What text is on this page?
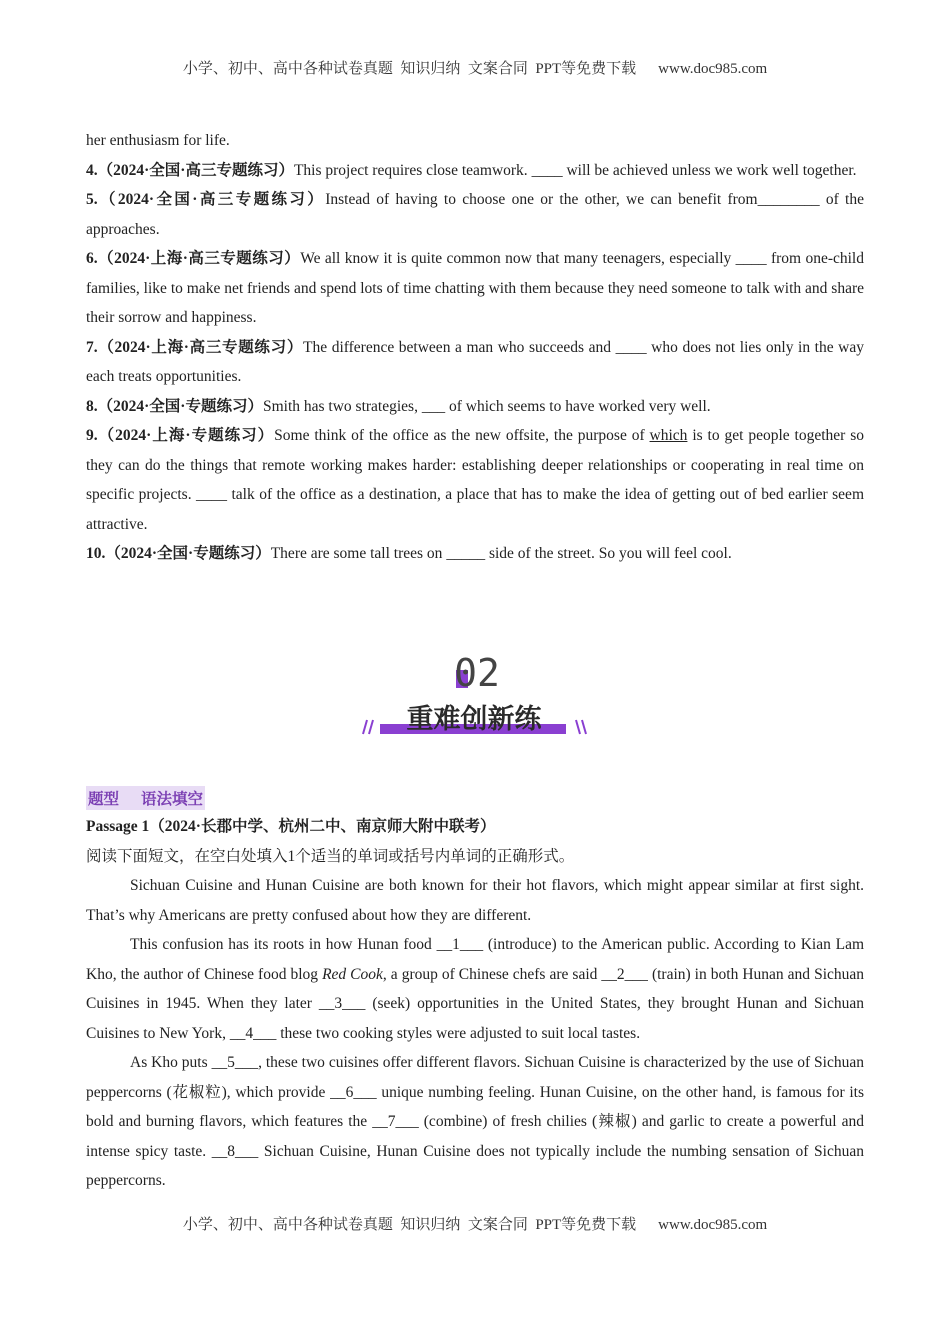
小学、初中、高中各种试卷真题  知识归纳  文案合同  PPT等免费下载 www.doc985.com

her enthusiasm for life.

4.（2024·全国·高三专题练习）This project requires close teamwork. ____ will be achieved unless we work well together.

5.（2024·全国·高三专题练习）Instead of having to choose one or the other, we can benefit from________ of the approaches.

6.（2024·上海·高三专题练习）We all know it is quite common now that many teenagers, especially ____ from one-child families, like to make net friends and spend lots of time chatting with them because they need someone to talk with and share their sorrow and happiness.

7.（2024·上海·高三专题练习）The difference between a man who succeeds and ____ who does not lies only in the way each treats opportunities.

8.（2024·全国·专题练习）Smith has two strategies, ___ of which seems to have worked very well.

9.（2024·上海·专题练习）Some think of the office as the new offsite, the purpose of which is to get people together so they can do the things that remote working makes harder: establishing deeper relationships or cooperating in real time on specific projects. ____ talk of the office as a destination, a place that has to make the idea of getting out of bed earlier seem attractive.

10.（2024·全国·专题练习）There are some tall trees on _____ side of the street. So you will feel cool.

02
重难创新练
题型 语法填空

Passage 1（2024·长郡中学、杭州二中、南京师大附中联考）

阅读下面短文，在空白处填入1个适当的单词或括号内单词的正确形式。

Sichuan Cuisine and Hunan Cuisine are both known for their hot flavors, which might appear similar at first sight. That’s why Americans are pretty confused about how they are different.

This confusion has its roots in how Hunan food __1___ (introduce) to the American public. According to Kian Lam Kho, the author of Chinese food blog Red Cook, a group of Chinese chefs are said __2___ (train) in both Hunan and Sichuan Cuisines in 1945. When they later __3___ (seek) opportunities in the United States, they brought Hunan and Sichuan Cuisines to New York, __4___ these two cooking styles were adjusted to suit local tastes.

As Kho puts __5___, these two cuisines offer different flavors. Sichuan Cuisine is characterized by the use of Sichuan peppercorns (花椒粒), which provide __6___ unique numbing feeling. Hunan Cuisine, on the other hand, is famous for its bold and burning flavors, which features the __7___ (combine) of fresh chilies (辣椒) and garlic to create a powerful and intense spicy taste. __8___ Sichuan Cuisine, Hunan Cuisine does not typically include the numbing sensation of Sichuan peppercorns.

小学、初中、高中各种试卷真题  知识归纳  文案合同  PPT等免费下载 www.doc985.com
